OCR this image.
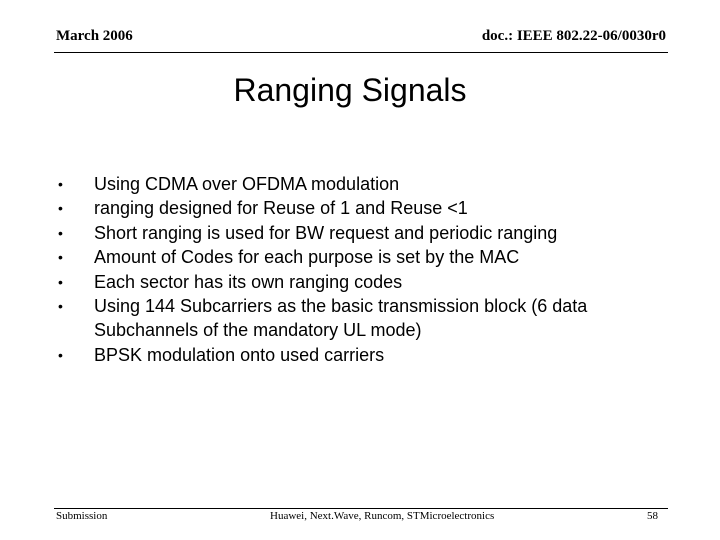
March 2006	doc.: IEEE 802.22-06/0030r0
Ranging Signals
• Using CDMA over OFDMA modulation
• ranging designed for Reuse of 1 and Reuse <1
• Short ranging is used for BW request and periodic ranging
• Amount of Codes for each purpose is set by the MAC
• Each sector has its own ranging codes
• Using 144 Subcarriers as the basic transmission block (6 data Subchannels of the mandatory UL mode)
• BPSK modulation onto used carriers
Submission	Huawei, Next.Wave, Runcom, STMicroelectronics	58
